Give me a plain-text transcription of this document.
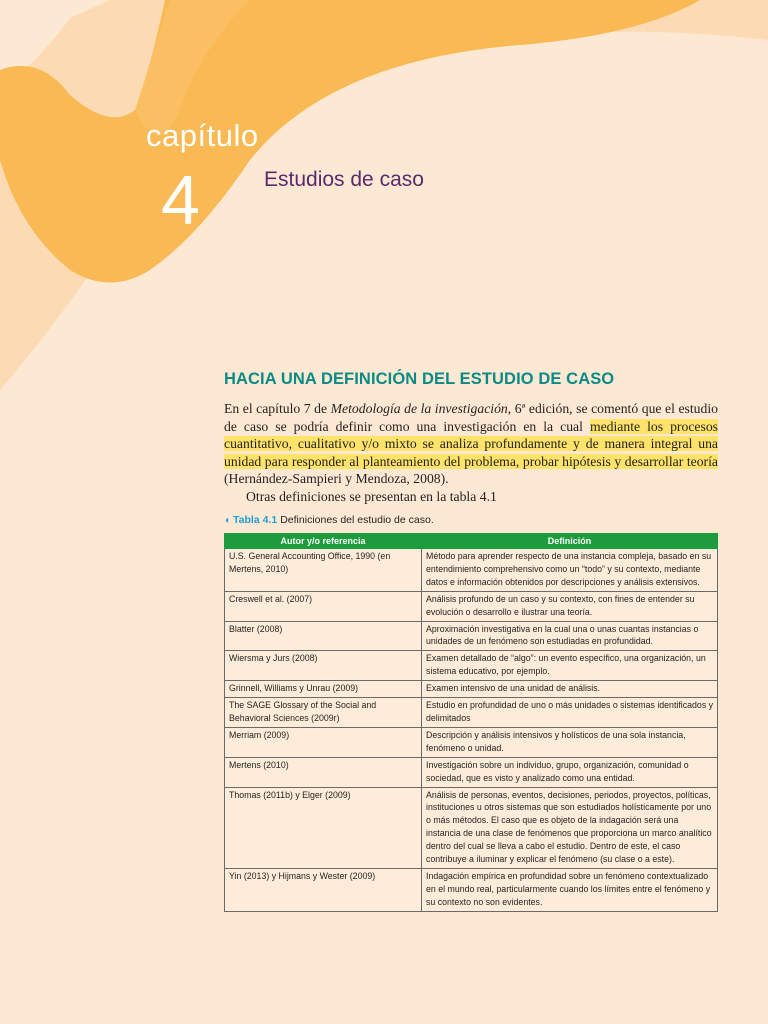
capítulo
4	Estudios de caso
HACIA UNA DEFINICIÓN DEL ESTUDIO DE CASO

En el capítulo 7 de Metodología de la investigación, 6ª edición, se comentó que el estudio de caso se podría definir como una investigación en la cual mediante los procesos cuantitativo, cualitativo y/o mixto se analiza profundamente y de manera integral una unidad para responder al planteamiento del problema, probar hipótesis y desarrollar teoría (Hernández-Sampieri y Mendoza, 2008).

Otras definiciones se presentan en la tabla 4.1

◖ Tabla 4.1 Definiciones del estudio de caso.
Autor y/o referencia	Definición
U.S. General Accounting Office, 1990 (en Mertens, 2010)	Método para aprender respecto de una instancia compleja, basado en su entendimiento comprehensivo como un “todo” y su contexto, mediante datos e información obtenidos por descripciones y análisis extensivos.
Creswell et al. (2007)	Análisis profundo de un caso y su contexto, con fines de entender su evolución o desarrollo e ilustrar una teoría.
Blatter (2008)	Aproximación investigativa en la cual una o unas cuantas instancias o unidades de un fenómeno son estudiadas en profundidad.
Wiersma y Jurs (2008)	Examen detallado de “algo”: un evento específico, una organización, un sistema educativo, por ejemplo.
Grinnell, Williams y Unrau (2009)	Examen intensivo de una unidad de análisis.
The SAGE Glossary of the Social and Behavioral Sciences (2009r)	Estudio en profundidad de uno o más unidades o sistemas identificados y delimitados
Merriam (2009)	Descripción y análisis intensivos y holísticos de una sola instancia, fenómeno o unidad.
Mertens (2010)	Investigación sobre un individuo, grupo, organización, comunidad o sociedad, que es visto y analizado como una entidad.
Thomas (2011b) y Elger (2009)	Análisis de personas, eventos, decisiones, periodos, proyectos, políticas, instituciones u otros sistemas que son estudiados holísticamente por uno o más métodos. El caso que es objeto de la indagación será una instancia de una clase de fenómenos que proporciona un marco analítico dentro del cual se lleva a cabo el estudio. Dentro de este, el caso contribuye a iluminar y explicar el fenómeno (su clase o a este).
Yin (2013) y Hijmans y Wester (2009)	Indagación empírica en profundidad sobre un fenómeno contextualizado en el mundo real, particularmente cuando los límites entre el fenómeno y su contexto no son evidentes.
